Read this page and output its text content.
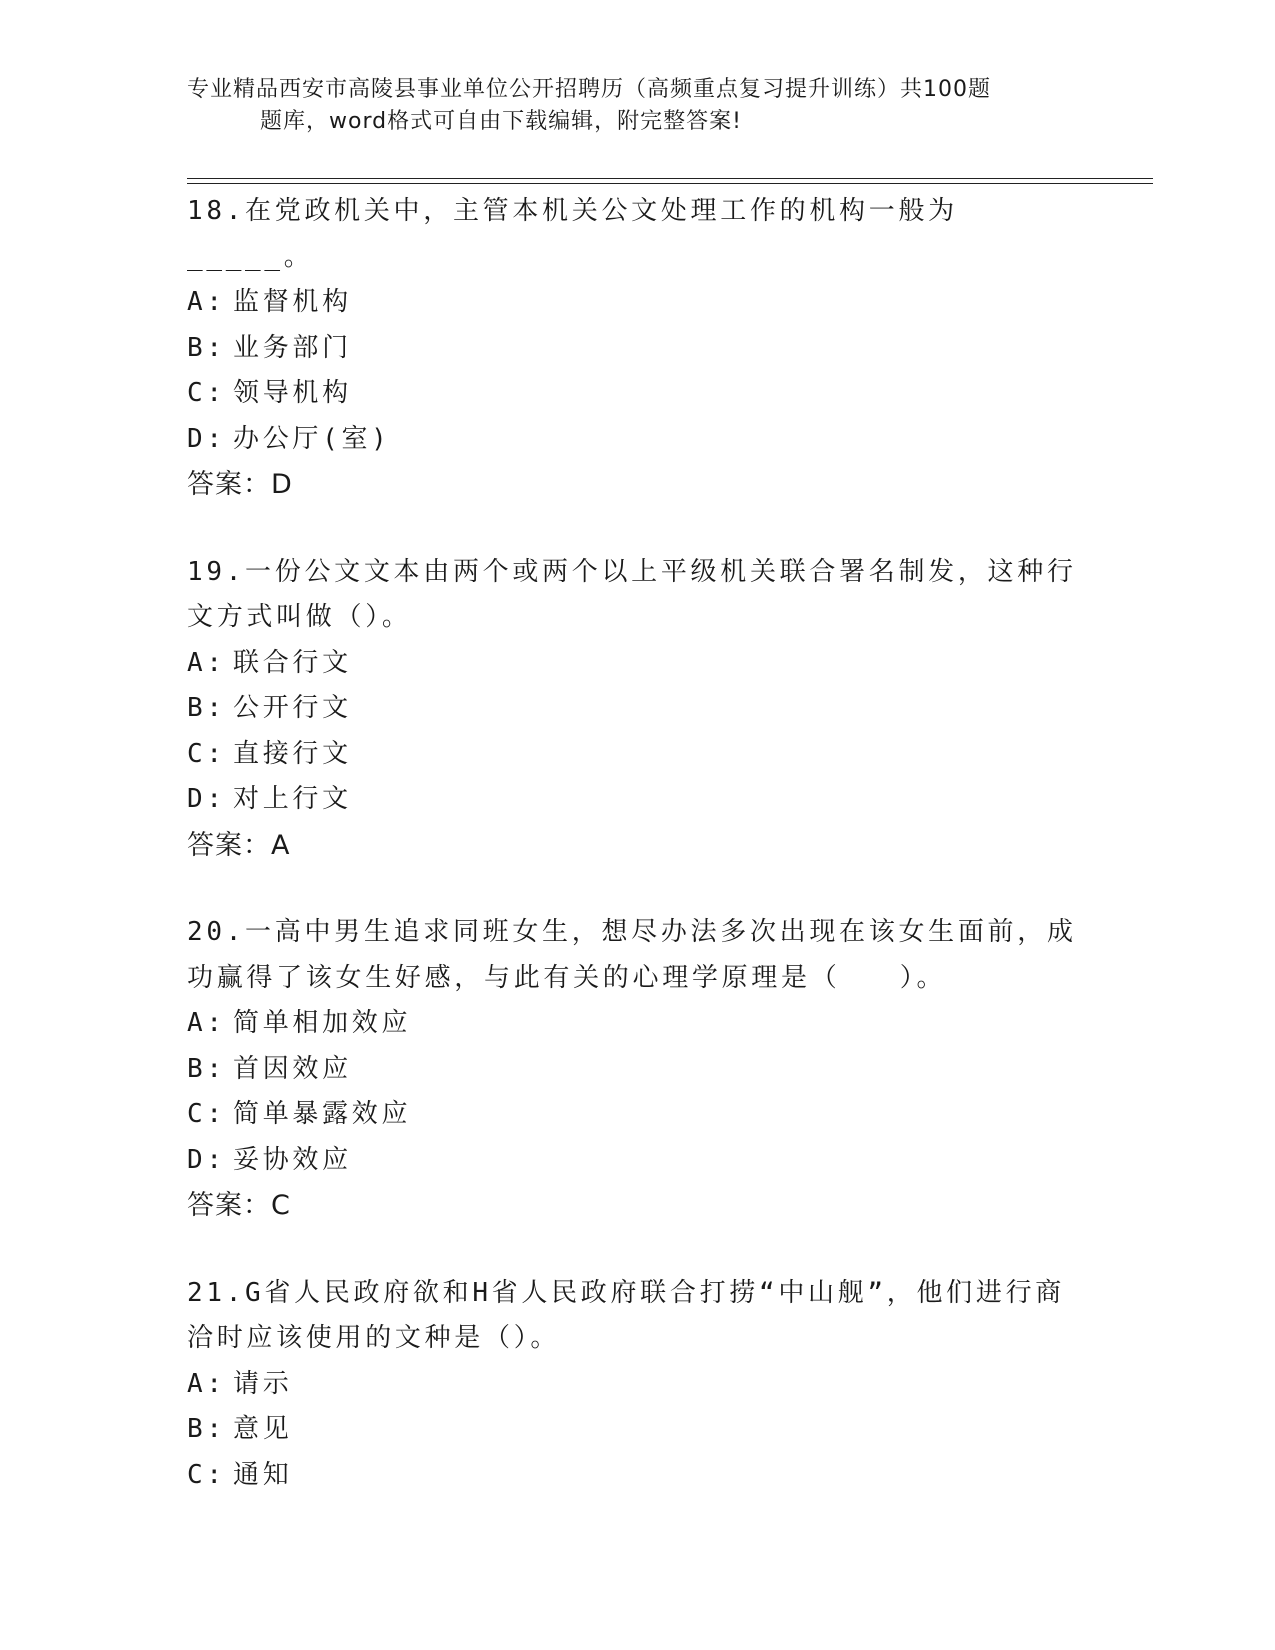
专业精品西安市高陵县事业单位公开招聘历（高频重点复习提升训练）共100题
题库，word格式可自由下载编辑，附完整答案!
18.在党政机关中，主管本机关公文处理工作的机构一般为_____。
A: 监督机构
B: 业务部门
C: 领导机构
D: 办公厅(室)
答案：D
19.一份公文文本由两个或两个以上平级机关联合署名制发，这种行文方式叫做（）。
A: 联合行文
B: 公开行文
C: 直接行文
D: 对上行文
答案：A
20.一高中男生追求同班女生，想尽办法多次出现在该女生面前，成功赢得了该女生好感，与此有关的心理学原理是（　　）。
A: 简单相加效应
B: 首因效应
C: 简单暴露效应
D: 妥协效应
答案：C
21.G省人民政府欲和H省人民政府联合打捞“中山舰”，他们进行商洽时应该使用的文种是（）。
A: 请示
B: 意见
C: 通知
